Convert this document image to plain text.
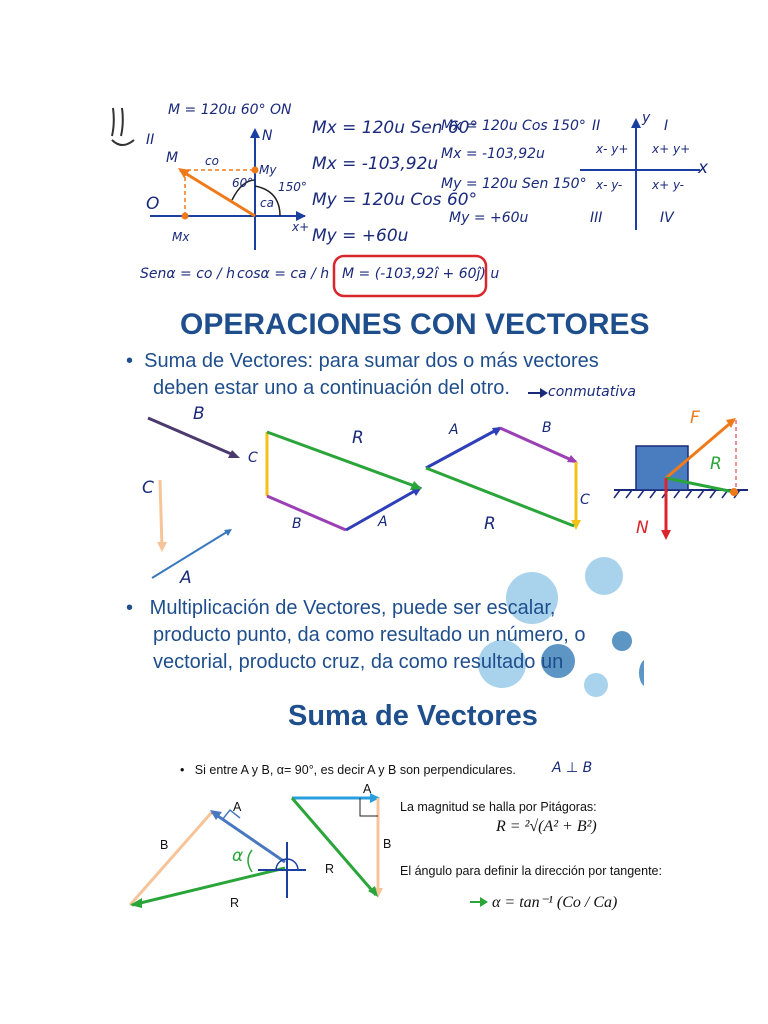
M = 120u 60° ON
N
O
x+
M co
ca
My
Mx
60° 150°
II
Senα = co / h cosα = ca / h
Mx = 120u Sen 60°
Mx = -103,92u
My = 120u Cos 60°
My = +60u
Mx = 120u Cos 150°
Mx = -103,92u
My = 120u Sen 150°
My = +60u
M = (-103,92î + 60ĵ) u
II	I
III	IV
y
x
x- y+ x+ y+
x- y- x+ y-
OPERACIONES CON VECTORES
•  Suma de Vectores: para sumar dos o más vectores
deben estar uno a continuación del otro.	conmutativa
B
C
A
R
C
B	A
A	B
C
R
F
R
N
•   Multiplicación de Vectores, puede ser escalar,
producto punto, da como resultado un número, o
vectorial, producto cruz, da como resultado un
Suma de Vectores
•   Si entre A y B, α= 90°, es decir A y B son perpendiculares.	A ⊥ B
A
B
R
α
A
B
R
La magnitud se halla por Pitágoras:
R = ²√(A² + B²)
El ángulo para definir la dirección por tangente:
α = tan⁻¹ (Co / Ca)
